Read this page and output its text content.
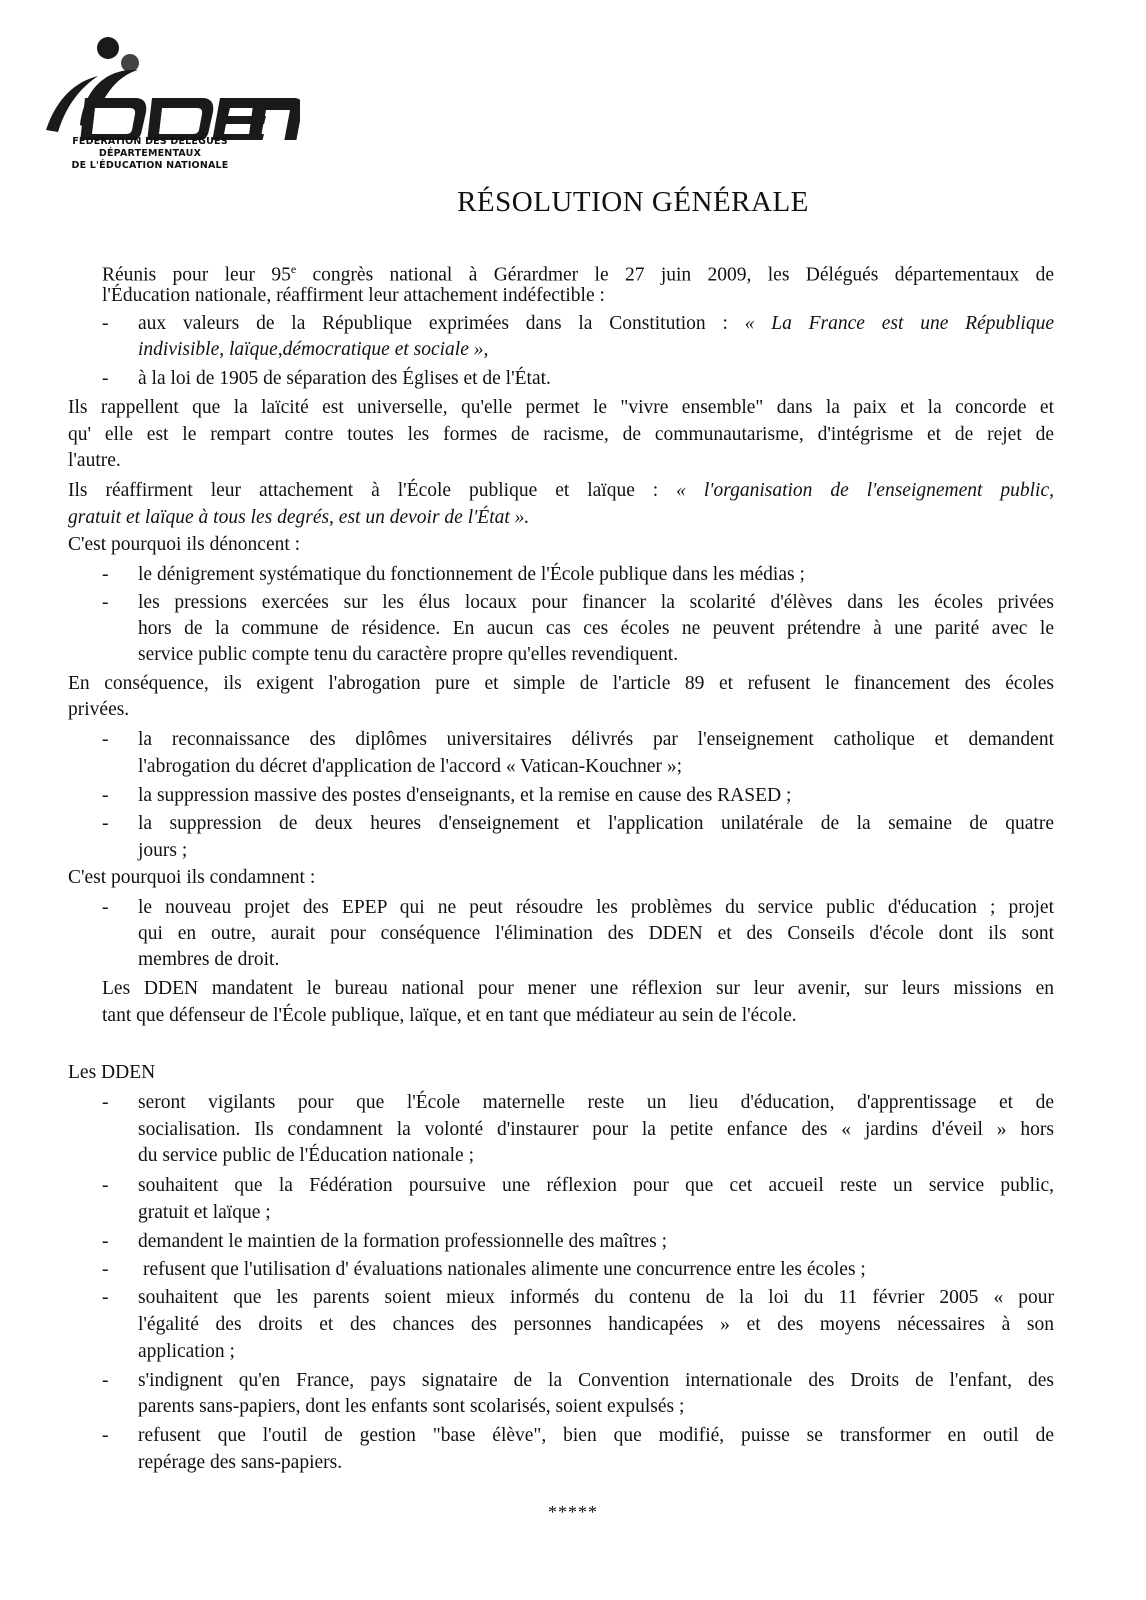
FÉDÉRATION DES DÉLÉGUÉS DÉPARTEMENTAUX
DE L'ÉDUCATION NATIONALE
RÉSOLUTION GÉNÉRALE
Réunis pour leur 95e congrès national à Gérardmer le 27 juin 2009, les Délégués départementaux de
l'Éducation nationale, réaffirment leur attachement indéfectible :
- aux valeurs de la République exprimées dans la Constitution : « La France est une République
indivisible, laïque,démocratique et sociale »,
- à la loi de 1905 de séparation des Églises et de l'État.
Ils rappellent que la laïcité est universelle, qu'elle permet le "vivre ensemble" dans la paix et la concorde et
qu' elle est le rempart contre toutes les formes de racisme, de communautarisme, d'intégrisme et de rejet de
l'autre.
Ils réaffirment leur attachement à l'École publique et laïque : « l'organisation de l'enseignement public,
gratuit et laïque à tous les degrés, est un devoir de l'État ».
C'est pourquoi ils dénoncent :
- le dénigrement systématique du fonctionnement de l'École publique dans les médias ;
- les pressions exercées sur les élus locaux pour financer la scolarité d'élèves dans les écoles privées
hors de la commune de résidence. En aucun cas ces écoles ne peuvent prétendre à une parité avec le
service public compte tenu du caractère propre qu'elles revendiquent.
En conséquence, ils exigent l'abrogation pure et simple de l'article 89 et refusent le financement des écoles
privées.
- la reconnaissance des diplômes universitaires délivrés par l'enseignement catholique et demandent
l'abrogation du décret d'application de l'accord « Vatican-Kouchner »;
- la suppression massive des postes d'enseignants, et la remise en cause des RASED ;
- la suppression de deux heures d'enseignement et l'application unilatérale de la semaine de quatre
jours ;
C'est pourquoi ils condamnent :
- le nouveau projet des EPEP qui ne peut résoudre les problèmes du service public d'éducation ; projet
qui en outre, aurait pour conséquence l'élimination des DDEN et des Conseils d'école dont ils sont
membres de droit.
Les DDEN mandatent le bureau national pour mener une réflexion sur leur avenir, sur leurs missions en
tant que défenseur de l'École publique, laïque, et en tant que médiateur au sein de l'école.
Les DDEN
- seront vigilants pour que l'École maternelle reste un lieu d'éducation, d'apprentissage et de
socialisation. Ils condamnent la volonté d'instaurer pour la petite enfance des « jardins d'éveil » hors
du service public de l'Éducation nationale ;
- souhaitent que la Fédération poursuive une réflexion pour que cet accueil reste un service public,
gratuit et laïque ;
- demandent le maintien de la formation professionnelle des maîtres ;
- refusent que l'utilisation d' évaluations nationales alimente une concurrence entre les écoles ;
- souhaitent que les parents soient mieux informés du contenu de la loi du 11 février 2005 « pour
l'égalité des droits et des chances des personnes handicapées » et des moyens nécessaires à son
application ;
- s'indignent qu'en France, pays signataire de la Convention internationale des Droits de l'enfant, des
parents sans-papiers, dont les enfants sont scolarisés, soient expulsés ;
- refusent que l'outil de gestion "base élève", bien que modifié, puisse se transformer en outil de
repérage des sans-papiers.
*****
